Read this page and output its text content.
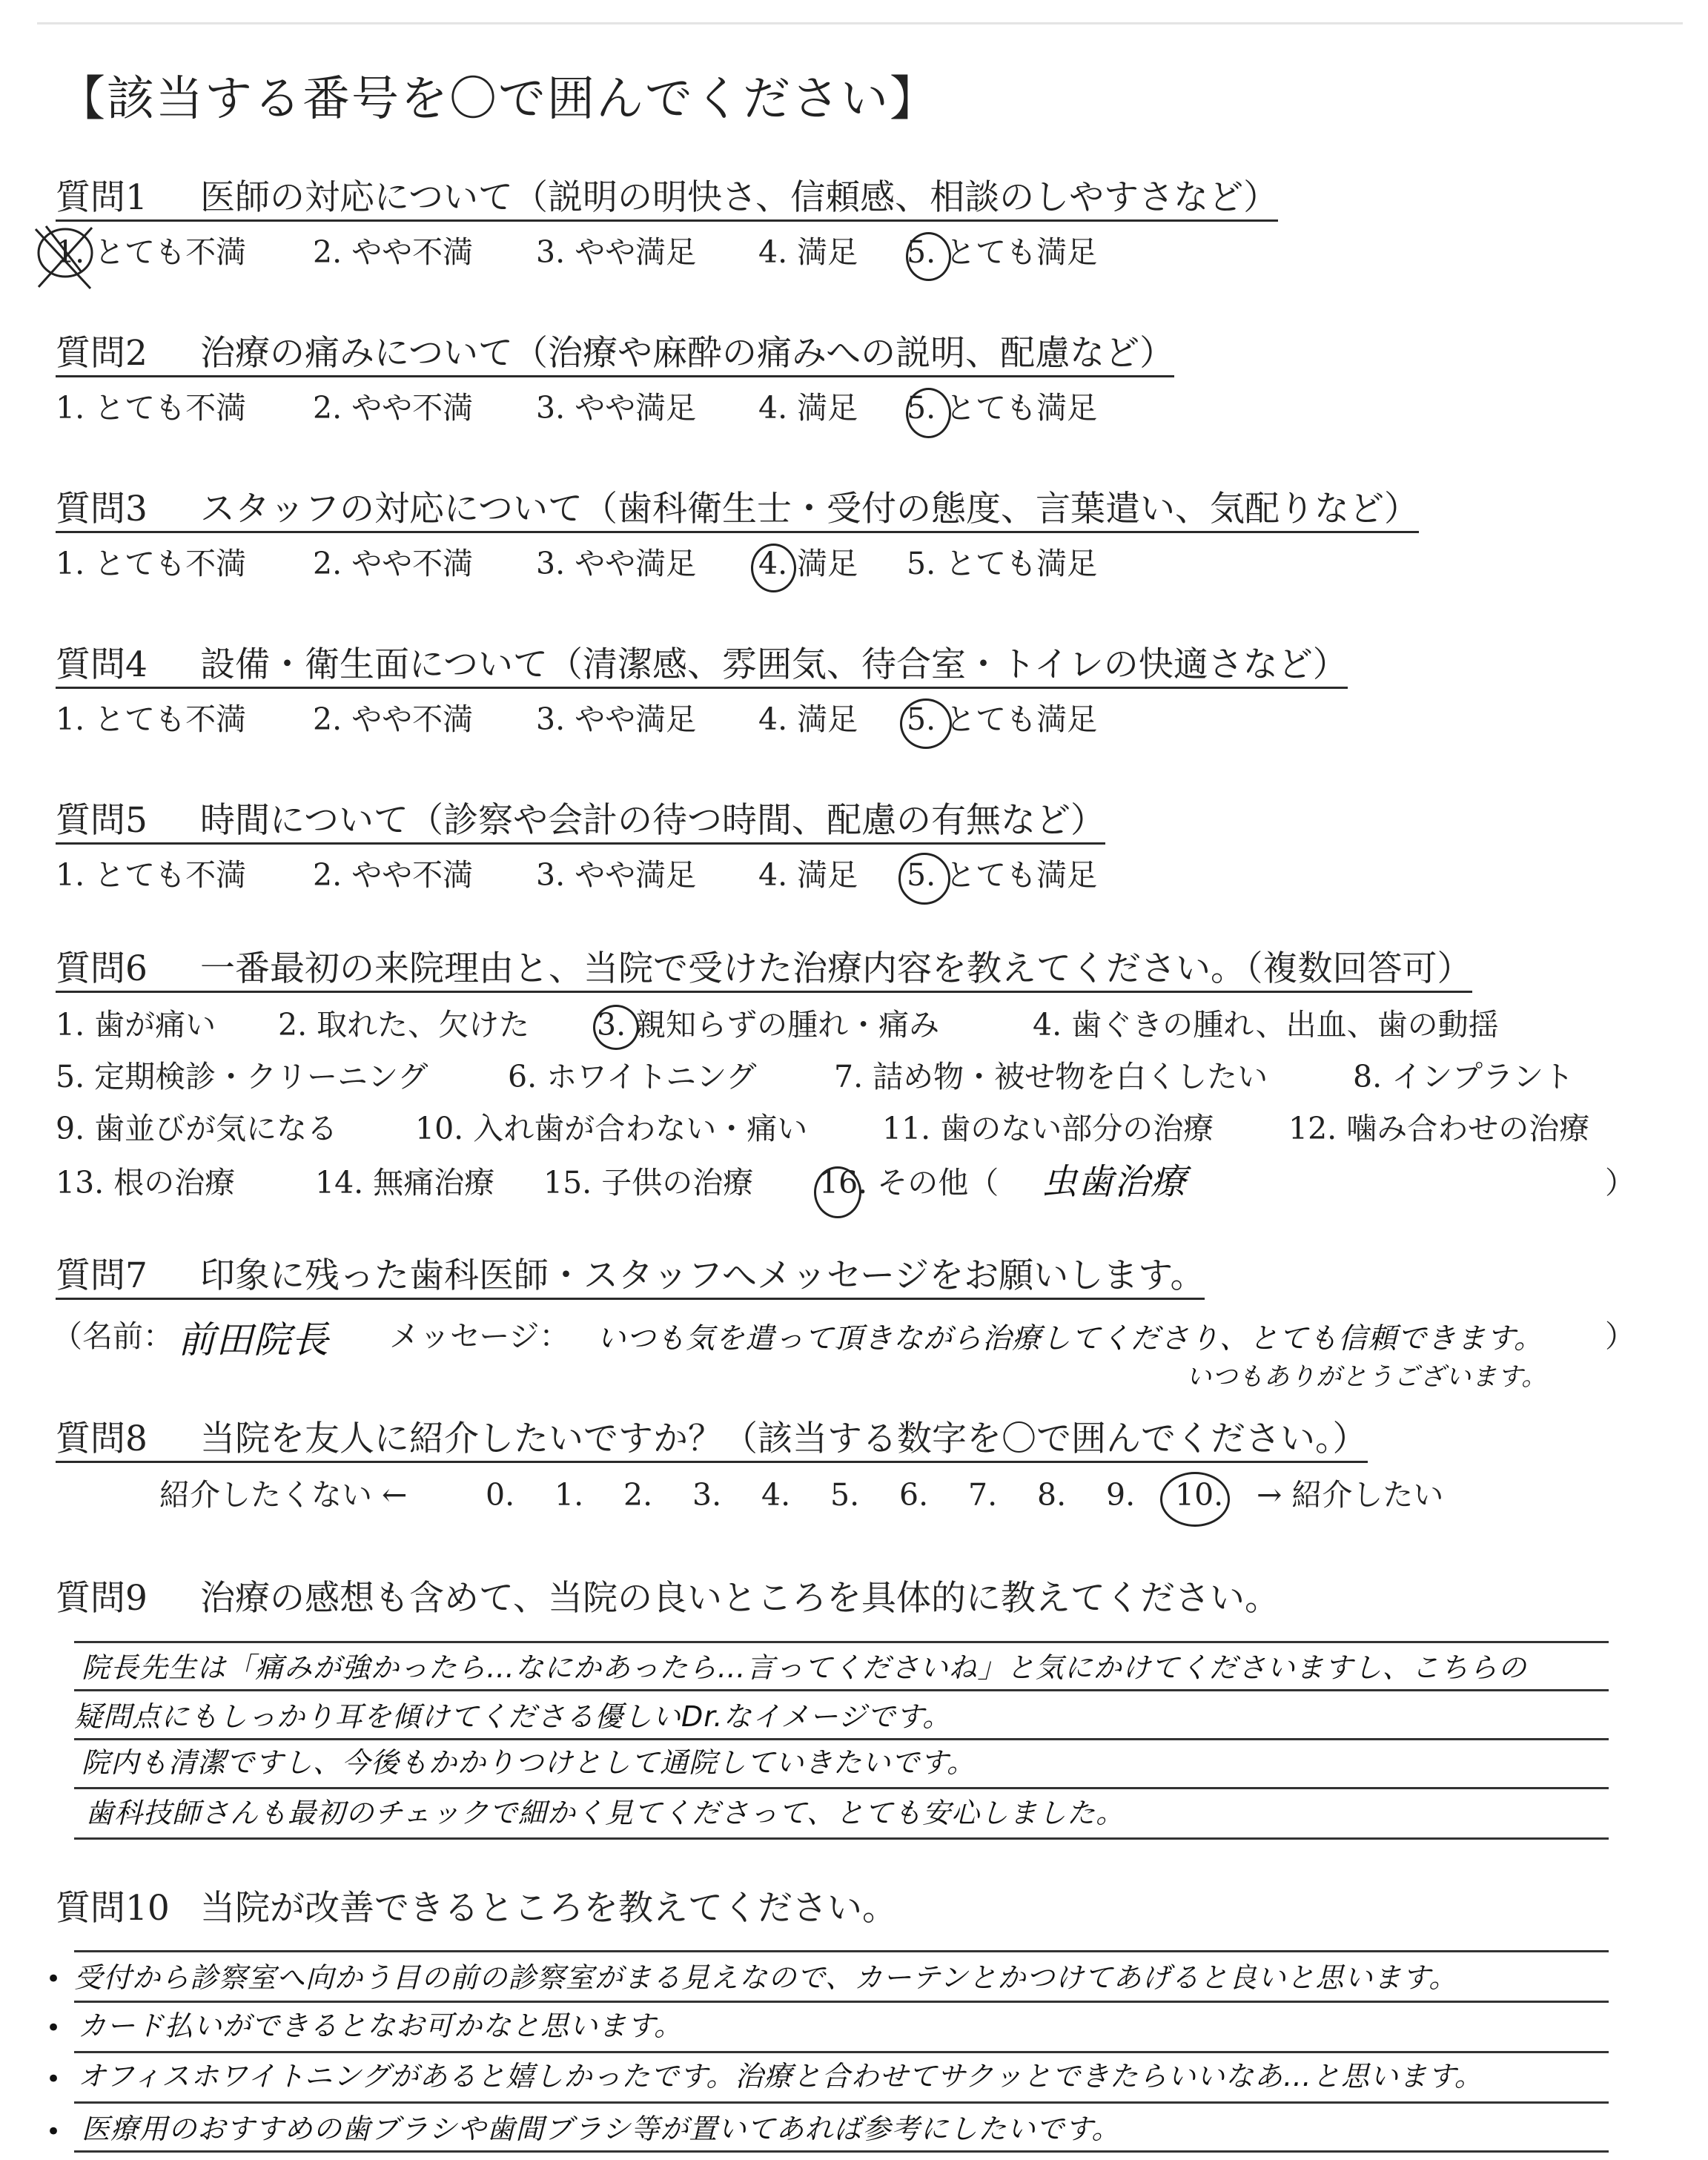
【該当する番号を〇で囲んでください】
質問1 医師の対応について（説明の明快さ、信頼感、相談のしやすさなど）
1. とても不満 2. やや不満 3. やや満足 4. 満足 5. とても満足
質問2 治療の痛みについて（治療や麻酔の痛みへの説明、配慮など）
1. とても不満 2. やや不満 3. やや満足 4. 満足 5. とても満足
質問3 スタッフの対応について（歯科衛生士・受付の態度、言葉遣い、気配りなど）
1. とても不満 2. やや不満 3. やや満足 4. 満足 5. とても満足
質問4 設備・衛生面について（清潔感、雰囲気、待合室・トイレの快適さなど）
1. とても不満 2. やや不満 3. やや満足 4. 満足 5. とても満足
質問5 時間について（診察や会計の待つ時間、配慮の有無など）
1. とても不満 2. やや不満 3. やや満足 4. 満足 5. とても満足
質問6 一番最初の来院理由と、当院で受けた治療内容を教えてください。（複数回答可）
1. 歯が痛い 2. 取れた、欠けた 3. 親知らずの腫れ・痛み	4. 歯ぐきの腫れ、出血、歯の動揺
5. 定期検診・クリーニング	6. ホワイトニング	7. 詰め物・被せ物を白くしたい	8. インプラント
9. 歯並びが気になる	10. 入れ歯が合わない・痛い 11. 歯のない部分の治療 12. 噛み合わせの治療
13. 根の治療	14. 無痛治療 15. 子供の治療 16. その他（	）
虫歯治療
質問7 印象に残った歯科医師・スタッフへメッセージをお願いします。
（名前：	メッセージ：	）
前田院長	いつも気を遣って頂きながら治療してくださり、とても信頼できます。
いつもありがとうございます。
質問8 当院を友人に紹介したいですか？（該当する数字を〇で囲んでください。）
紹介したくない ←	0. 1. 2. 3. 4. 5. 6. 7. 8. 9. 10. → 紹介したい
質問9 治療の感想も含めて、当院の良いところを具体的に教えてください。
院長先生は「痛みが強かったら…なにかあったら…言ってくださいね」と気にかけてくださいますし、こちらの
疑問点にもしっかり耳を傾けてくださる優しいDr.なイメージです。
院内も清潔ですし、今後もかかりつけとして通院していきたいです。
歯科技師さんも最初のチェックで細かく見てくださって、とても安心しました。
質問10 当院が改善できるところを教えてください。
• 受付から診察室へ向かう目の前の診察室がまる見えなので、カーテンとかつけてあげると良いと思います。
• カード払いができるとなお可かなと思います。
• オフィスホワイトニングがあると嬉しかったです。治療と合わせてサクッとできたらいいなあ…と思います。
• 医療用のおすすめの歯ブラシや歯間ブラシ等が置いてあれば参考にしたいです。
